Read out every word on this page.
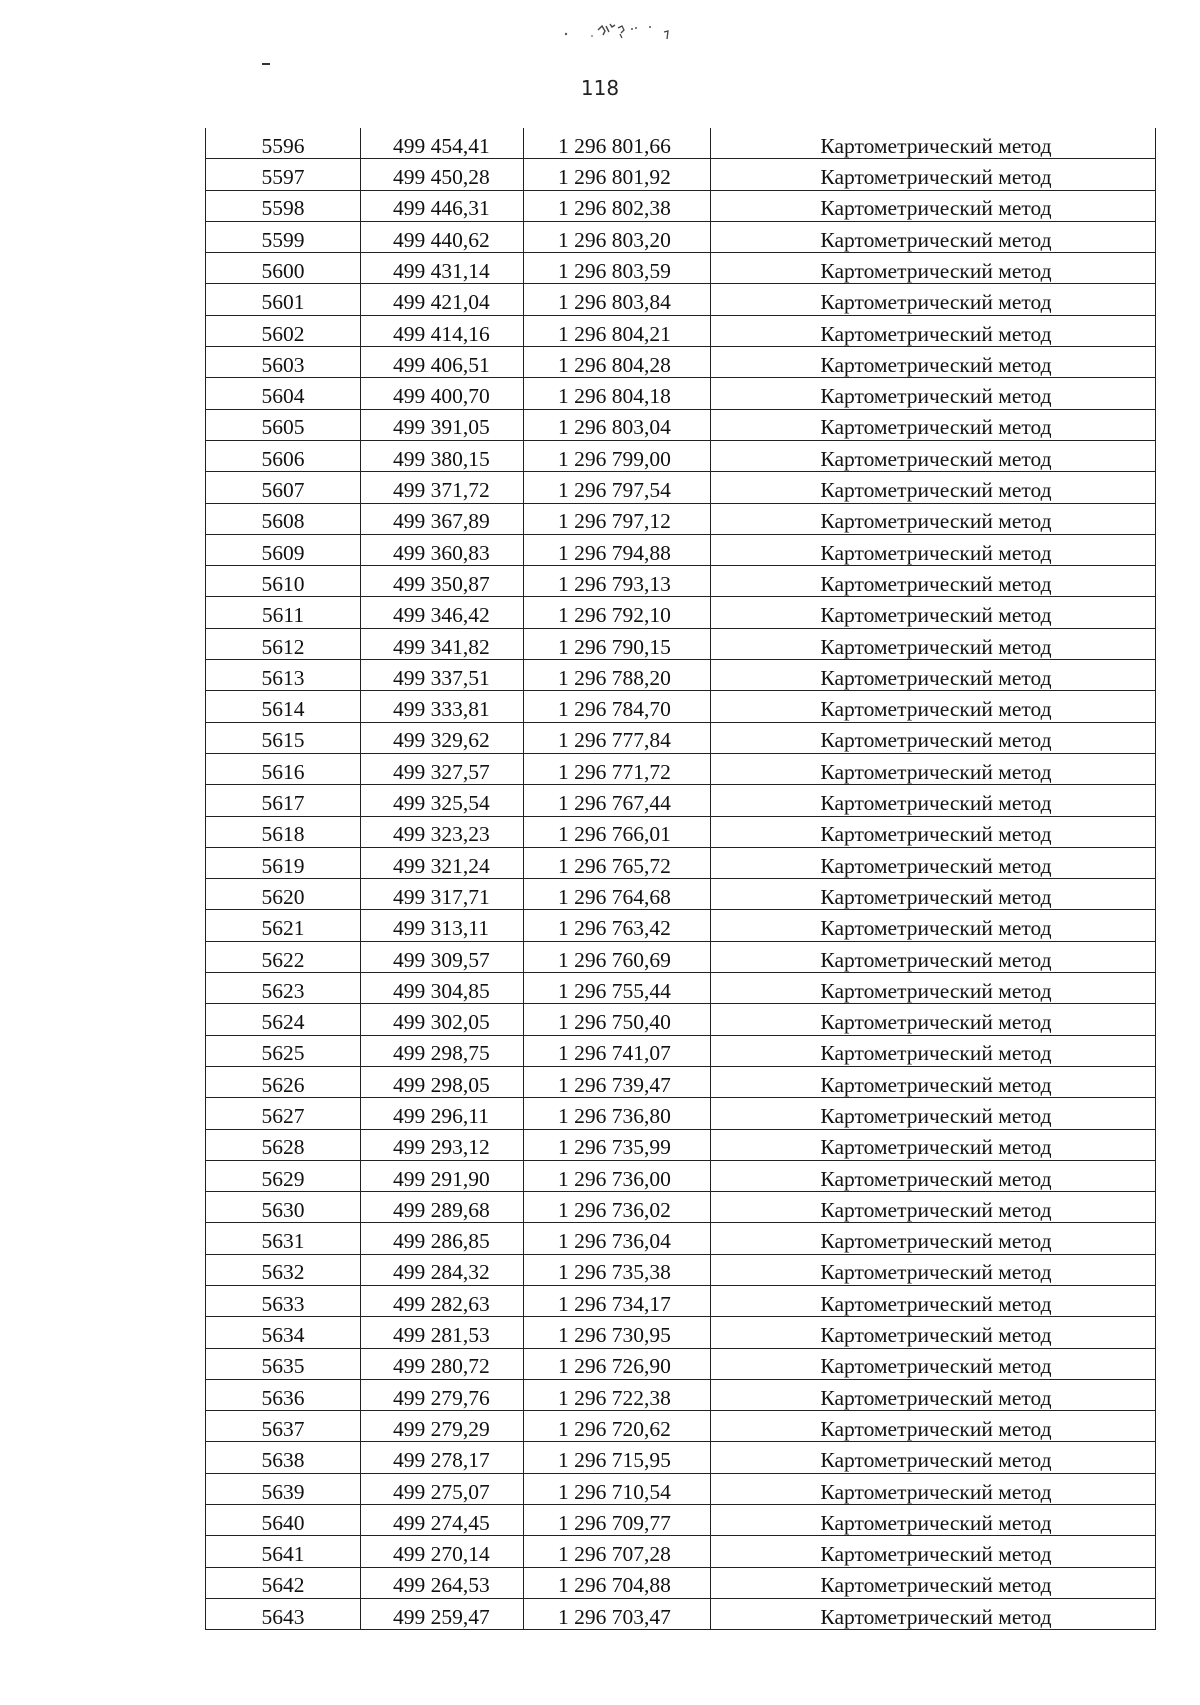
118
5596	499 454,41	1 296 801,66	Картометрический метод
5597	499 450,28	1 296 801,92	Картометрический метод
5598	499 446,31	1 296 802,38	Картометрический метод
5599	499 440,62	1 296 803,20	Картометрический метод
5600	499 431,14	1 296 803,59	Картометрический метод
5601	499 421,04	1 296 803,84	Картометрический метод
5602	499 414,16	1 296 804,21	Картометрический метод
5603	499 406,51	1 296 804,28	Картометрический метод
5604	499 400,70	1 296 804,18	Картометрический метод
5605	499 391,05	1 296 803,04	Картометрический метод
5606	499 380,15	1 296 799,00	Картометрический метод
5607	499 371,72	1 296 797,54	Картометрический метод
5608	499 367,89	1 296 797,12	Картометрический метод
5609	499 360,83	1 296 794,88	Картометрический метод
5610	499 350,87	1 296 793,13	Картометрический метод
5611	499 346,42	1 296 792,10	Картометрический метод
5612	499 341,82	1 296 790,15	Картометрический метод
5613	499 337,51	1 296 788,20	Картометрический метод
5614	499 333,81	1 296 784,70	Картометрический метод
5615	499 329,62	1 296 777,84	Картометрический метод
5616	499 327,57	1 296 771,72	Картометрический метод
5617	499 325,54	1 296 767,44	Картометрический метод
5618	499 323,23	1 296 766,01	Картометрический метод
5619	499 321,24	1 296 765,72	Картометрический метод
5620	499 317,71	1 296 764,68	Картометрический метод
5621	499 313,11	1 296 763,42	Картометрический метод
5622	499 309,57	1 296 760,69	Картометрический метод
5623	499 304,85	1 296 755,44	Картометрический метод
5624	499 302,05	1 296 750,40	Картометрический метод
5625	499 298,75	1 296 741,07	Картометрический метод
5626	499 298,05	1 296 739,47	Картометрический метод
5627	499 296,11	1 296 736,80	Картометрический метод
5628	499 293,12	1 296 735,99	Картометрический метод
5629	499 291,90	1 296 736,00	Картометрический метод
5630	499 289,68	1 296 736,02	Картометрический метод
5631	499 286,85	1 296 736,04	Картометрический метод
5632	499 284,32	1 296 735,38	Картометрический метод
5633	499 282,63	1 296 734,17	Картометрический метод
5634	499 281,53	1 296 730,95	Картометрический метод
5635	499 280,72	1 296 726,90	Картометрический метод
5636	499 279,76	1 296 722,38	Картометрический метод
5637	499 279,29	1 296 720,62	Картометрический метод
5638	499 278,17	1 296 715,95	Картометрический метод
5639	499 275,07	1 296 710,54	Картометрический метод
5640	499 274,45	1 296 709,77	Картометрический метод
5641	499 270,14	1 296 707,28	Картометрический метод
5642	499 264,53	1 296 704,88	Картометрический метод
5643	499 259,47	1 296 703,47	Картометрический метод
